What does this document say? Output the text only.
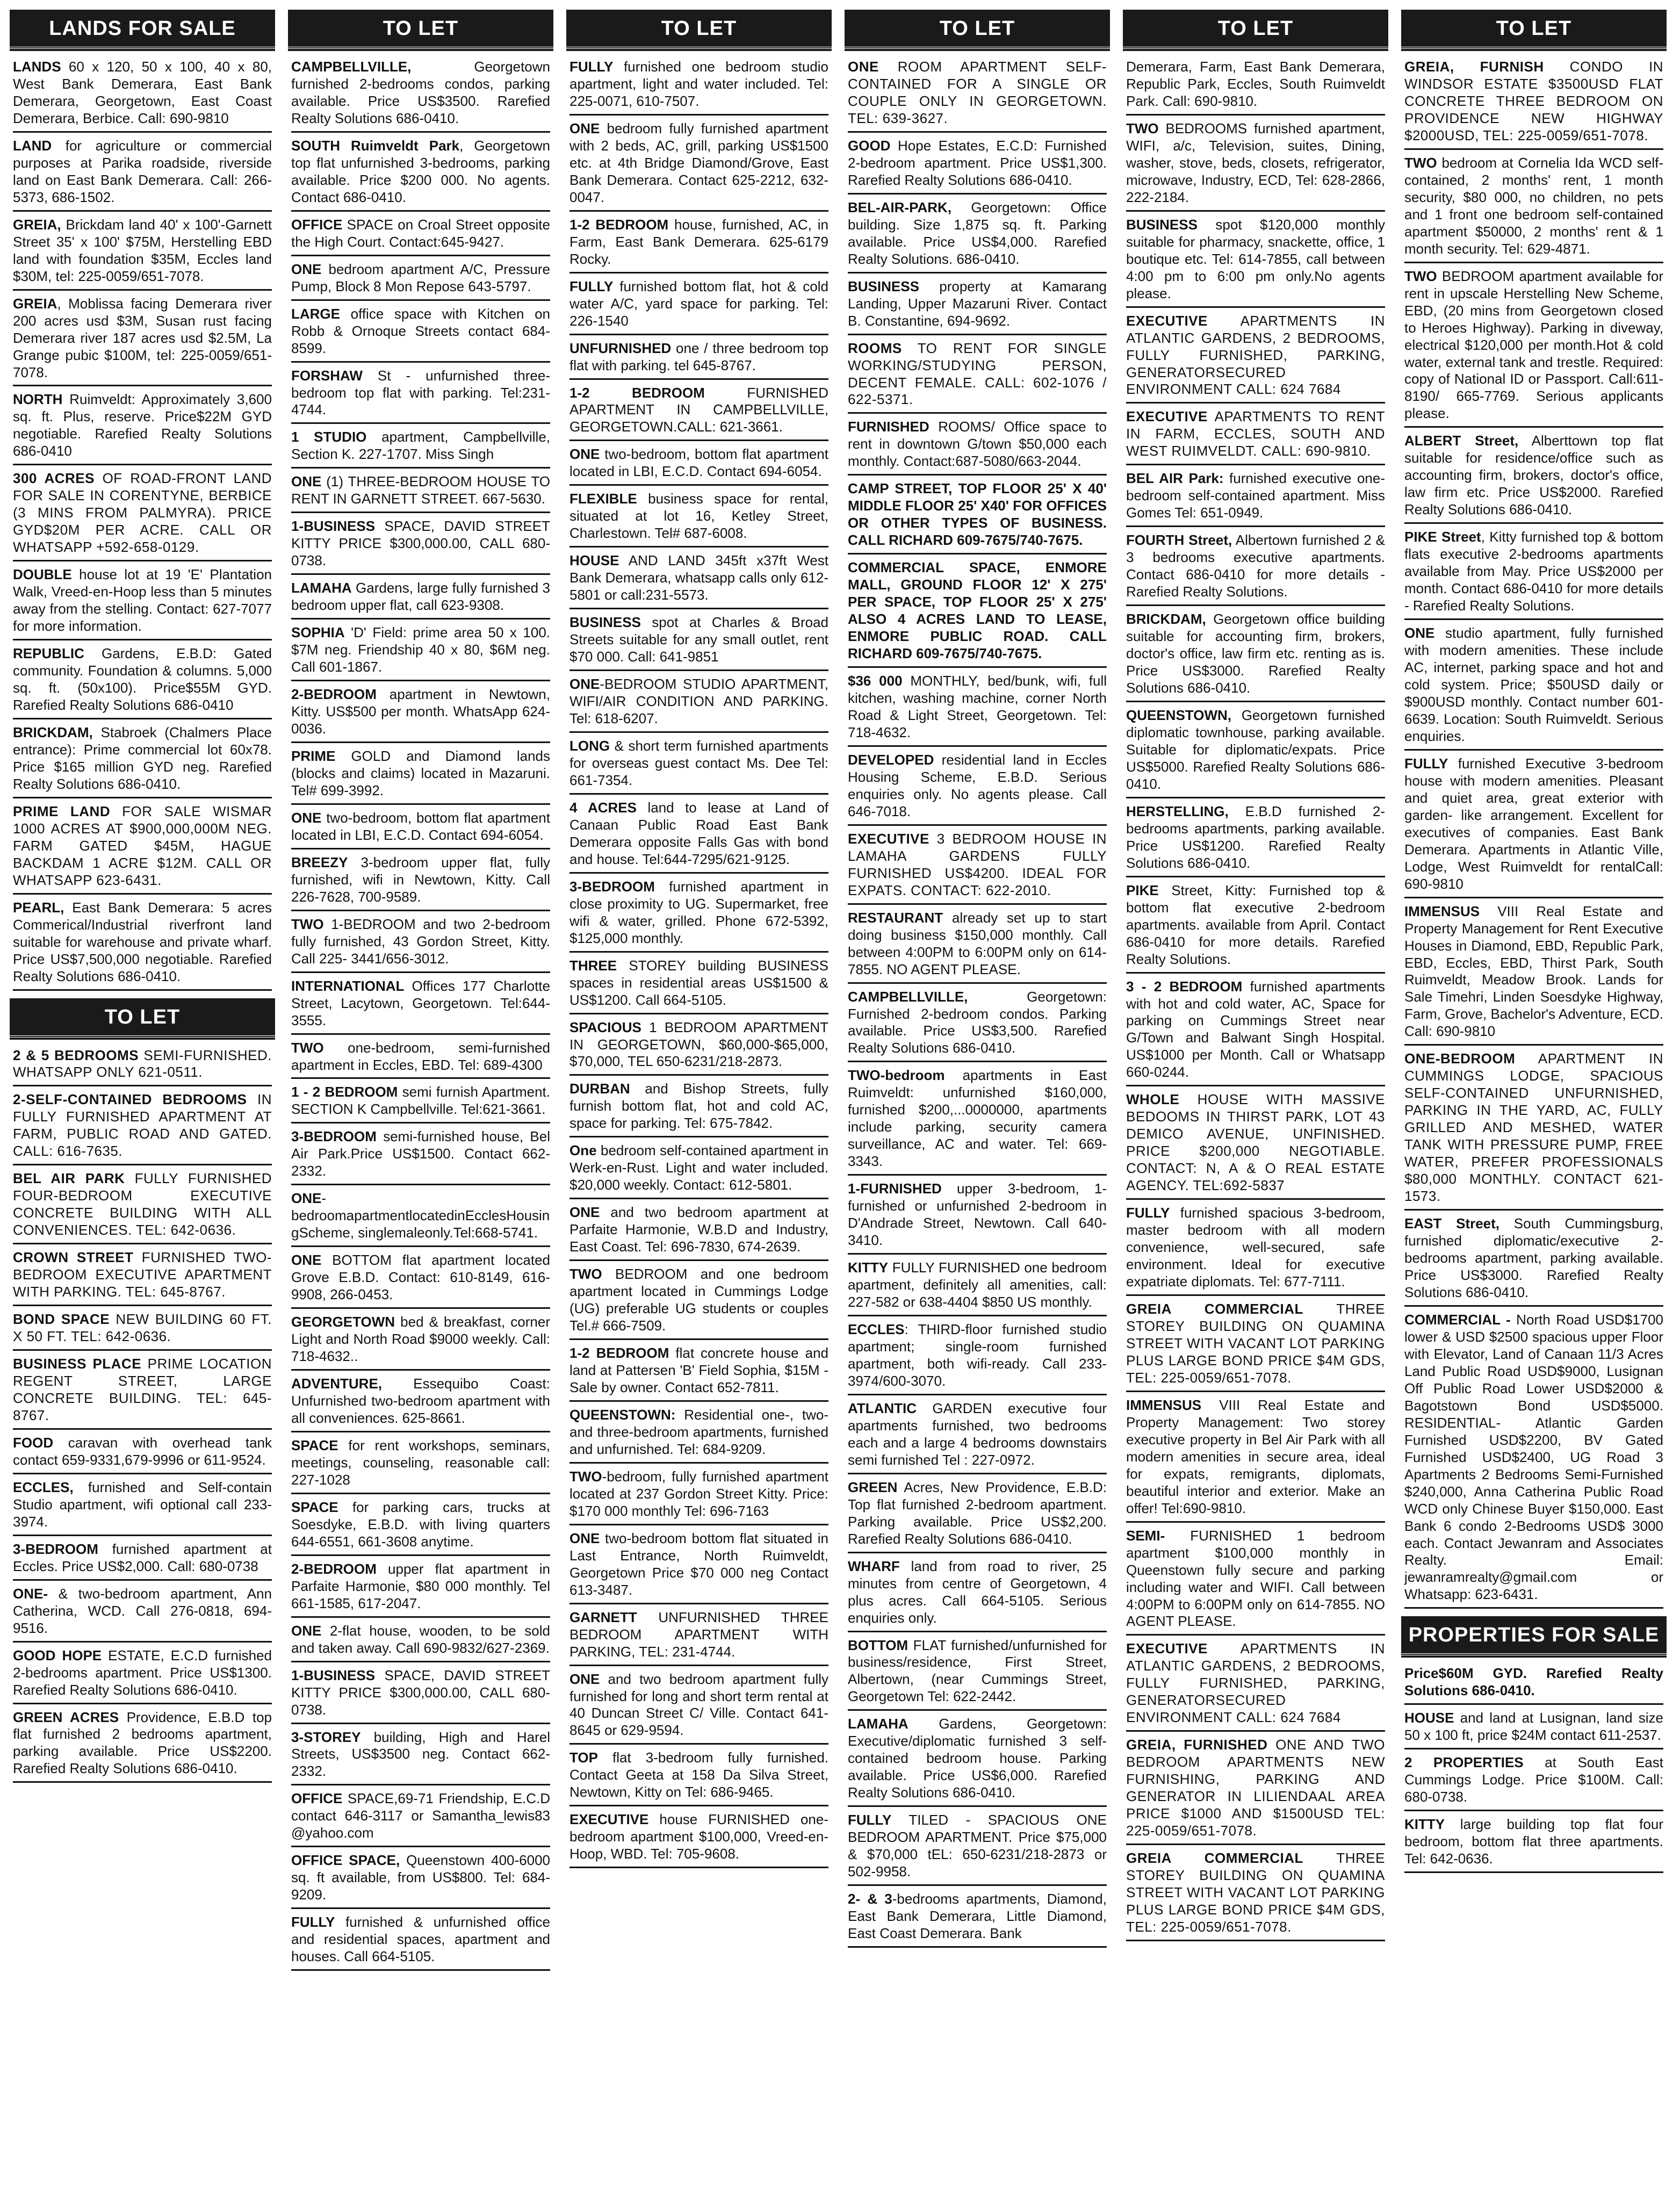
LANDS FOR SALE
LANDS 60 x 120, 50 x 100, 40 x 80, West Bank Demerara, East Bank Demerara, Georgetown, East Coast Demerara, Berbice. Call: 690-9810
LAND for agriculture or commercial purposes at Parika roadside, riverside land on East Bank Demerara. Call: 266-5373, 686-1502.
GREIA, Brickdam land 40' x 100'-Garnett Street 35' x 100' $75M, Herstelling EBD land with foundation $35M, Eccles land $30M, tel: 225-0059/651-7078.
GREIA, Moblissa facing Demerara river 200 acres usd $3M, Susan rust facing Demerara river 187 acres usd $2.5M, La Grange pubic $100M, tel: 225-0059/651-7078.
NORTH Ruimveldt: Approximately 3,600 sq. ft. Plus, reserve. Price$22M GYD negotiable. Rarefied Realty Solutions 686-0410
300 ACRES OF ROAD-FRONT LAND FOR SALE IN CORENTYNE, BERBICE (3 MINS FROM PALMYRA). PRICE GYD$20M PER ACRE. CALL OR WHATSAPP +592-658-0129.
DOUBLE house lot at 19 'E' Plantation Walk, Vreed-en-Hoop less than 5 minutes away from the stelling. Contact: 627-7077 for more information.
REPUBLIC Gardens, E.B.D: Gated community. Foundation & columns. 5,000 sq. ft. (50x100). Price$55M GYD. Rarefied Realty Solutions 686-0410
BRICKDAM, Stabroek (Chalmers Place entrance): Prime commercial lot 60x78. Price $165 million GYD neg. Rarefied Realty Solutions 686-0410.
PRIME LAND FOR SALE WISMAR 1000 ACRES AT $900,000,000M NEG. FARM GATED $45M, HAGUE BACKDAM 1 ACRE $12M. CALL OR WHATSAPP 623-6431.
PEARL, East Bank Demerara: 5 acres Commerical/Industrial riverfront land suitable for warehouse and private wharf. Price US$7,500,000 negotiable. Rarefied Realty Solutions 686-0410.
TO LET
2 & 5 BEDROOMS SEMI-FURNISHED. WHATSAPP ONLY 621-0511.
2-SELF-CONTAINED BEDROOMS IN FULLY FURNISHED APARTMENT AT FARM, PUBLIC ROAD AND GATED. CALL: 616-7635.
BEL AIR PARK FULLY FURNISHED FOUR-BEDROOM EXECUTIVE CONCRETE BUILDING WITH ALL CONVENIENCES. TEL: 642-0636.
CROWN STREET FURNISHED TWO-BEDROOM EXECUTIVE APARTMENT WITH PARKING. TEL: 645-8767.
BOND SPACE NEW BUILDING 60 FT. X 50 FT. TEL: 642-0636.
BUSINESS PLACE PRIME LOCATION REGENT STREET, LARGE CONCRETE BUILDING. TEL: 645-8767.
FOOD caravan with overhead tank contact 659-9331,679-9996 or 611-9524.
ECCLES, furnished and Self-contain Studio apartment, wifi optional call 233-3974.
3-BEDROOM furnished apartment at Eccles. Price US$2,000. Call: 680-0738
ONE- & two-bedroom apartment, Ann Catherina, WCD. Call 276-0818, 694-9516.
GOOD HOPE ESTATE, E.C.D furnished 2-bedrooms apartment. Price US$1300. Rarefied Realty Solutions 686-0410.
GREEN ACRES Providence, E.B.D top flat furnished 2 bedrooms apartment, parking available. Price US$2200. Rarefied Realty Solutions 686-0410.
TO LET
CAMPBELLVILLE, Georgetown furnished 2-bedrooms condos, parking available. Price US$3500. Rarefied Realty Solutions 686-0410.
SOUTH Ruimveldt Park, Georgetown top flat unfurnished 3-bedrooms, parking available. Price $200 000. No agents. Contact 686-0410.
OFFICE SPACE on Croal Street opposite the High Court. Contact:645-9427.
ONE bedroom apartment A/C, Pressure Pump, Block 8 Mon Repose 643-5797.
LARGE office space with Kitchen on Robb & Ornoque Streets contact 684-8599.
FORSHAW St - unfurnished three-bedroom top flat with parking. Tel:231-4744.
1 STUDIO apartment, Campbellville, Section K. 227-1707. Miss Singh
ONE (1) THREE-BEDROOM HOUSE TO RENT IN GARNETT STREET. 667-5630.
1-BUSINESS SPACE, DAVID STREET KITTY PRICE $300,000.00, CALL 680-0738.
LAMAHA Gardens, large fully furnished 3 bedroom upper flat, call 623-9308.
SOPHIA 'D' Field: prime area 50 x 100. $7M neg. Friendship 40 x 80, $6M neg. Call 601-1867.
2-BEDROOM apartment in Newtown, Kitty. US$500 per month. WhatsApp 624-0036.
PRIME GOLD and Diamond lands (blocks and claims) located in Mazaruni. Tel# 699-3992.
ONE two-bedroom, bottom flat apartment located in LBI, E.C.D. Contact 694-6054.
BREEZY 3-bedroom upper flat, fully furnished, wifi in Newtown, Kitty. Call 226-7628, 700-9589.
TWO 1-BEDROOM and two 2-bedroom fully furnished, 43 Gordon Street, Kitty. Call 225- 3441/656-3012.
INTERNATIONAL Offices 177 Charlotte Street, Lacytown, Georgetown. Tel:644-3555.
TWO one-bedroom, semi-furnished apartment in Eccles, EBD. Tel: 689-4300
1 - 2 BEDROOM semi furnish Apartment. SECTION K Campbellville. Tel:621-3661.
3-BEDROOM semi-furnished house, Bel Air Park.Price US$1500. Contact 662-2332.
ONE-bedroomapartmentlocatedinEcclesHousingScheme, singlemaleonly.Tel:668-5741.
ONE BOTTOM flat apartment located Grove E.B.D. Contact: 610-8149, 616-9908, 266-0453.
GEORGETOWN bed & breakfast, corner Light and North Road $9000 weekly. Call: 718-4632..
ADVENTURE, Essequibo Coast: Unfurnished two-bedroom apartment with all conveniences. 625-8661.
SPACE for rent workshops, seminars, meetings, counseling, reasonable call: 227-1028
SPACE for parking cars, trucks at Soesdyke, E.B.D. with living quarters 644-6551, 661-3608 anytime.
2-BEDROOM upper flat apartment in Parfaite Harmonie, $80 000 monthly. Tel 661-1585, 617-2047.
ONE 2-flat house, wooden, to be sold and taken away. Call 690-9832/627-2369.
1-BUSINESS SPACE, DAVID STREET KITTY PRICE $300,000.00, CALL 680-0738.
3-STOREY building, High and Harel Streets, US$3500 neg. Contact 662-2332.
OFFICE SPACE,69-71 Friendship, E.C.D contact 646-3117 or Samantha_lewis83 @yahoo.com
OFFICE SPACE, Queenstown 400-6000 sq. ft available, from US$800. Tel: 684-9209.
FULLY furnished & unfurnished office and residential spaces, apartment and houses. Call 664-5105.
TO LET
FULLY furnished one bedroom studio apartment, light and water included. Tel: 225-0071, 610-7507.
ONE bedroom fully furnished apartment with 2 beds, AC, grill, parking US$1500 etc. at 4th Bridge Diamond/Grove, East Bank Demerara. Contact 625-2212, 632-0047.
1-2 BEDROOM house, furnished, AC, in Farm, East Bank Demerara. 625-6179 Rocky.
FULLY furnished bottom flat, hot & cold water A/C, yard space for parking. Tel: 226-1540
UNFURNISHED one / three bedroom top flat with parking. tel 645-8767.
1-2 BEDROOM FURNISHED APARTMENT IN CAMPBELLVILLE, GEORGETOWN.CALL: 621-3661.
ONE two-bedroom, bottom flat apartment located in LBI, E.C.D. Contact 694-6054.
FLEXIBLE business space for rental, situated at lot 16, Ketley Street, Charlestown. Tel# 687-6008.
HOUSE AND LAND 345ft x37ft West Bank Demerara, whatsapp calls only 612-5801 or call:231-5573.
BUSINESS spot at Charles & Broad Streets suitable for any small outlet, rent $70 000. Call: 641-9851
ONE-BEDROOM STUDIO APARTMENT, WIFI/AIR CONDITION AND PARKING. Tel: 618-6207.
LONG & short term furnished apartments for overseas guest contact Ms. Dee Tel: 661-7354.
4 ACRES land to lease at Land of Canaan Public Road East Bank Demerara opposite Falls Gas with bond and house. Tel:644-7295/621-9125.
3-BEDROOM furnished apartment in close proximity to UG. Supermarket, free wifi & water, grilled. Phone 672-5392, $125,000 monthly.
THREE STOREY building BUSINESS spaces in residential areas US$1500 & US$1200. Call 664-5105.
SPACIOUS 1 BEDROOM APARTMENT IN GEORGETOWN, $60,000-$65,000, $70,000, TEL 650-6231/218-2873.
DURBAN and Bishop Streets, fully furnish bottom flat, hot and cold AC, space for parking. Tel: 675-7842.
One bedroom self-contained apartment in Werk-en-Rust. Light and water included. $20,000 weekly. Contact: 612-5801.
ONE and two bedroom apartment at Parfaite Harmonie, W.B.D and Industry, East Coast. Tel: 696-7830, 674-2639.
TWO BEDROOM and one bedroom apartment located in Cummings Lodge (UG) preferable UG students or couples Tel.# 666-7509.
1-2 BEDROOM flat concrete house and land at Pattersen 'B' Field Sophia, $15M - Sale by owner. Contact 652-7811.
QUEENSTOWN: Residential one-, two- and three-bedroom apartments, furnished and unfurnished. Tel: 684-9209.
TWO-bedroom, fully furnished apartment located at 237 Gordon Street Kitty. Price: $170 000 monthly Tel: 696-7163
ONE two-bedroom bottom flat situated in Last Entrance, North Ruimveldt, Georgetown Price $70 000 neg Contact 613-3487.
GARNETT UNFURNISHED THREE BEDROOM APARTMENT WITH PARKING, TEL: 231-4744.
ONE and two bedroom apartment fully furnished for long and short term rental at 40 Duncan Street C/ Ville. Contact 641-8645 or 629-9594.
TOP flat 3-bedroom fully furnished. Contact Geeta at 158 Da Silva Street, Newtown, Kitty on Tel: 686-9465.
EXECUTIVE house FURNISHED one-bedroom apartment $100,000, Vreed-en-Hoop, WBD. Tel: 705-9608.
TO LET
ONE ROOM APARTMENT SELF-CONTAINED FOR A SINGLE OR COUPLE ONLY IN GEORGETOWN. TEL: 639-3627.
GOOD Hope Estates, E.C.D: Furnished 2-bedroom apartment. Price US$1,300. Rarefied Realty Solutions 686-0410.
BEL-AIR-PARK, Georgetown: Office building. Size 1,875 sq. ft. Parking available. Price US$4,000. Rarefied Realty Solutions. 686-0410.
BUSINESS property at Kamarang Landing, Upper Mazaruni River. Contact B. Constantine, 694-9692.
ROOMS TO RENT FOR SINGLE WORKING/STUDYING PERSON, DECENT FEMALE. CALL: 602-1076 / 622-5371.
FURNISHED ROOMS/ Office space to rent in downtown G/town $50,000 each monthly. Contact:687-5080/663-2044.
CAMP STREET, TOP FLOOR 25' X 40' MIDDLE FLOOR 25' X40' FOR OFFICES OR OTHER TYPES OF BUSINESS. CALL RICHARD 609-7675/740-7675.
COMMERCIAL SPACE, ENMORE MALL, GROUND FLOOR 12' X 275' PER SPACE, TOP FLOOR 25' X 275' ALSO 4 ACRES LAND TO LEASE, ENMORE PUBLIC ROAD. CALL RICHARD 609-7675/740-7675.
$36 000 MONTHLY, bed/bunk, wifi, full kitchen, washing machine, corner North Road & Light Street, Georgetown. Tel: 718-4632.
DEVELOPED residential land in Eccles Housing Scheme, E.B.D. Serious enquiries only. No agents please. Call 646-7018.
EXECUTIVE 3 BEDROOM HOUSE IN LAMAHA GARDENS FULLY FURNISHED US$4200. IDEAL FOR EXPATS. CONTACT: 622-2010.
RESTAURANT already set up to start doing business $150,000 monthly. Call between 4:00PM to 6:00PM only on 614-7855. NO AGENT PLEASE.
CAMPBELLVILLE, Georgetown: Furnished 2-bedroom condos. Parking available. Price US$3,500. Rarefied Realty Solutions 686-0410.
TWO-bedroom apartments in East Ruimveldt: unfurnished $160,000, furnished $200,...0000000, apartments include parking, security camera surveillance, AC and water. Tel: 669-3343.
1-FURNISHED upper 3-bedroom, 1-furnished or unfurnished 2-bedroom in D'Andrade Street, Newtown. Call 640-3410.
KITTY FULLY FURNISHED one bedroom apartment, definitely all amenities, call: 227-582 or 638-4404 $850 US monthly.
ECCLES: THIRD-floor furnished studio apartment; single-room furnished apartment, both wifi-ready. Call 233-3974/600-3070.
ATLANTIC GARDEN executive four apartments furnished, two bedrooms each and a large 4 bedrooms downstairs semi furnished Tel : 227-0972.
GREEN Acres, New Providence, E.B.D: Top flat furnished 2-bedroom apartment. Parking available. Price US$2,200. Rarefied Realty Solutions 686-0410.
WHARF land from road to river, 25 minutes from centre of Georgetown, 4 plus acres. Call 664-5105. Serious enquiries only.
BOTTOM FLAT furnished/unfurnished for business/residence, First Street, Albertown, (near Cummings Street, Georgetown Tel: 622-2442.
LAMAHA Gardens, Georgetown: Executive/diplomatic furnished 3 self-contained bedroom house. Parking available. Price US$6,000. Rarefied Realty Solutions 686-0410.
FULLY TILED - SPACIOUS ONE BEDROOM APARTMENT. Price $75,000 & $70,000 tEL: 650-6231/218-2873 or 502-9958.
2- & 3-bedrooms apartments, Diamond, East Bank Demerara, Little Diamond, East Coast Demerara. Bank
TO LET
Demerara, Farm, East Bank Demerara, Republic Park, Eccles, South Ruimveldt Park. Call: 690-9810.
TWO BEDROOMS furnished apartment, WIFI, a/c, Television, suites, Dining, washer, stove, beds, closets, refrigerator, microwave, Industry, ECD, Tel: 628-2866, 222-2184.
BUSINESS spot $120,000 monthly suitable for pharmacy, snackette, office, 1 boutique etc. Tel: 614-7855, call between 4:00 pm to 6:00 pm only.No agents please.
EXECUTIVE APARTMENTS IN ATLANTIC GARDENS, 2 BEDROOMS, FULLY FURNISHED, PARKING, GENERATORSECURED ENVIRONMENT CALL: 624 7684
EXECUTIVE APARTMENTS TO RENT IN FARM, ECCLES, SOUTH AND WEST RUIMVELDT. CALL: 690-9810.
BEL AIR Park: furnished executive one-bedroom self-contained apartment. Miss Gomes Tel: 651-0949.
FOURTH Street, Albertown furnished 2 & 3 bedrooms executive apartments. Contact 686-0410 for more details - Rarefied Realty Solutions.
BRICKDAM, Georgetown office building suitable for accounting firm, brokers, doctor's office, law firm etc. renting as is. Price US$3000. Rarefied Realty Solutions 686-0410.
QUEENSTOWN, Georgetown furnished diplomatic townhouse, parking available. Suitable for diplomatic/expats. Price US$5000. Rarefied Realty Solutions 686-0410.
HERSTELLING, E.B.D furnished 2-bedrooms apartments, parking available. Price US$1200. Rarefied Realty Solutions 686-0410.
PIKE Street, Kitty: Furnished top & bottom flat executive 2-bedroom apartments. available from April. Contact 686-0410 for more details. Rarefied Realty Solutions.
3 - 2 BEDROOM furnished apartments with hot and cold water, AC, Space for parking on Cummings Street near G/Town and Balwant Singh Hospital. US$1000 per Month. Call or Whatsapp 660-0244.
WHOLE HOUSE WITH MASSIVE BEDOOMS IN THIRST PARK, LOT 43 DEMICO AVENUE, UNFINISHED. PRICE $200,000 NEGOTIABLE. CONTACT: N, A & O REAL ESTATE AGENCY. TEL:692-5837
FULLY furnished spacious 3-bedroom, master bedroom with all modern convenience, well-secured, safe environment. Ideal for executive expatriate diplomats. Tel: 677-7111.
GREIA COMMERCIAL THREE STOREY BUILDING ON QUAMINA STREET WITH VACANT LOT PARKING PLUS LARGE BOND PRICE $4M GDS, TEL: 225-0059/651-7078.
IMMENSUS VIII Real Estate and Property Management: Two storey executive property in Bel Air Park with all modern amenities in secure area, ideal for expats, remigrants, diplomats, beautiful interior and exterior. Make an offer! Tel:690-9810.
SEMI- FURNISHED 1 bedroom apartment $100,000 monthly in Queenstown fully secure and parking including water and WIFI. Call between 4:00PM to 6:00PM only on 614-7855. NO AGENT PLEASE.
EXECUTIVE APARTMENTS IN ATLANTIC GARDENS, 2 BEDROOMS, FULLY FURNISHED, PARKING, GENERATORSECURED ENVIRONMENT CALL: 624 7684
GREIA, FURNISHED ONE AND TWO BEDROOM APARTMENTS NEW FURNISHING, PARKING AND GENERATOR IN LILIENDAAL AREA PRICE $1000 AND $1500USD TEL: 225-0059/651-7078.
GREIA COMMERCIAL THREE STOREY BUILDING ON QUAMINA STREET WITH VACANT LOT PARKING PLUS LARGE BOND PRICE $4M GDS, TEL: 225-0059/651-7078.
TO LET
GREIA, FURNISH CONDO IN WINDSOR ESTATE $3500USD FLAT CONCRETE THREE BEDROOM ON PROVIDENCE NEW HIGHWAY $2000USD, TEL: 225-0059/651-7078.
TWO bedroom at Cornelia Ida WCD self-contained, 2 months' rent, 1 month security, $80 000, no children, no pets and 1 front one bedroom self-contained apartment $50000, 2 months' rent & 1 month security. Tel: 629-4871.
TWO BEDROOM apartment available for rent in upscale Herstelling New Scheme, EBD, (20 mins from Georgetown closed to Heroes Highway). Parking in diveway, electrical $120,000 per month.Hot & cold water, external tank and trestle. Required: copy of National ID or Passport. Call:611-8190/ 665-7769. Serious applicants please.
ALBERT Street, Alberttown top flat suitable for residence/office such as accounting firm, brokers, doctor's office, law firm etc. Price US$2000. Rarefied Realty Solutions 686-0410.
PIKE Street, Kitty furnished top & bottom flats executive 2-bedrooms apartments available from May. Price US$2000 per month. Contact 686-0410 for more details - Rarefied Realty Solutions.
ONE studio apartment, fully furnished with modern amenities. These include AC, internet, parking space and hot and cold system. Price; $50USD daily or $900USD monthly. Contact number 601-6639. Location: South Ruimveldt. Serious enquiries.
FULLY furnished Executive 3-bedroom house with modern amenities. Pleasant and quiet area, great exterior with garden- like arrangement. Excellent for executives of companies. East Bank Demerara. Apartments in Atlantic Ville, Lodge, West Ruimveldt for rentalCall: 690-9810
IMMENSUS VIII Real Estate and Property Management for Rent Executive Houses in Diamond, EBD, Republic Park, EBD, Eccles, EBD, Thirst Park, South Ruimveldt, Meadow Brook. Lands for Sale Timehri, Linden Soesdyke Highway, Farm, Grove, Bachelor's Adventure, ECD. Call: 690-9810
ONE-BEDROOM APARTMENT IN CUMMINGS LODGE, SPACIOUS SELF-CONTAINED UNFURNISHED, PARKING IN THE YARD, AC, FULLY GRILLED AND MESHED, WATER TANK WITH PRESSURE PUMP, FREE WATER, PREFER PROFESSIONALS $80,000 MONTHLY. CONTACT 621-1573.
EAST Street, South Cummingsburg, furnished diplomatic/executive 2-bedrooms apartment, parking available. Price US$3000. Rarefied Realty Solutions 686-0410.
COMMERCIAL - North Road USD$1700 lower & USD $2500 spacious upper Floor with Elevator, Land of Canaan 11/3 Acres Land Public Road USD$9000, Lusignan Off Public Road Lower USD$2000 & Bagotstown Bond USD$5000. RESIDENTIAL- Atlantic Garden Furnished USD$2200, BV Gated Furnished USD$2400, UG Road 3 Apartments 2 Bedrooms Semi-Furnished $240,000, Anna Catherina Public Road WCD only Chinese Buyer $150,000. East Bank 6 condo 2-Bedrooms USD$ 3000 each. Contact Jewanram and Associates Realty. Email: jewanramrealty@gmail.com or Whatsapp: 623-6431.
PROPERTIES FOR SALE
Price$60M GYD. Rarefied Realty Solutions 686-0410.
HOUSE and land at Lusignan, land size 50 x 100 ft, price $24M contact 611-2537.
2 PROPERTIES at South East Cummings Lodge. Price $100M. Call: 680-0738.
KITTY large building top flat four bedroom, bottom flat three apartments. Tel: 642-0636.
